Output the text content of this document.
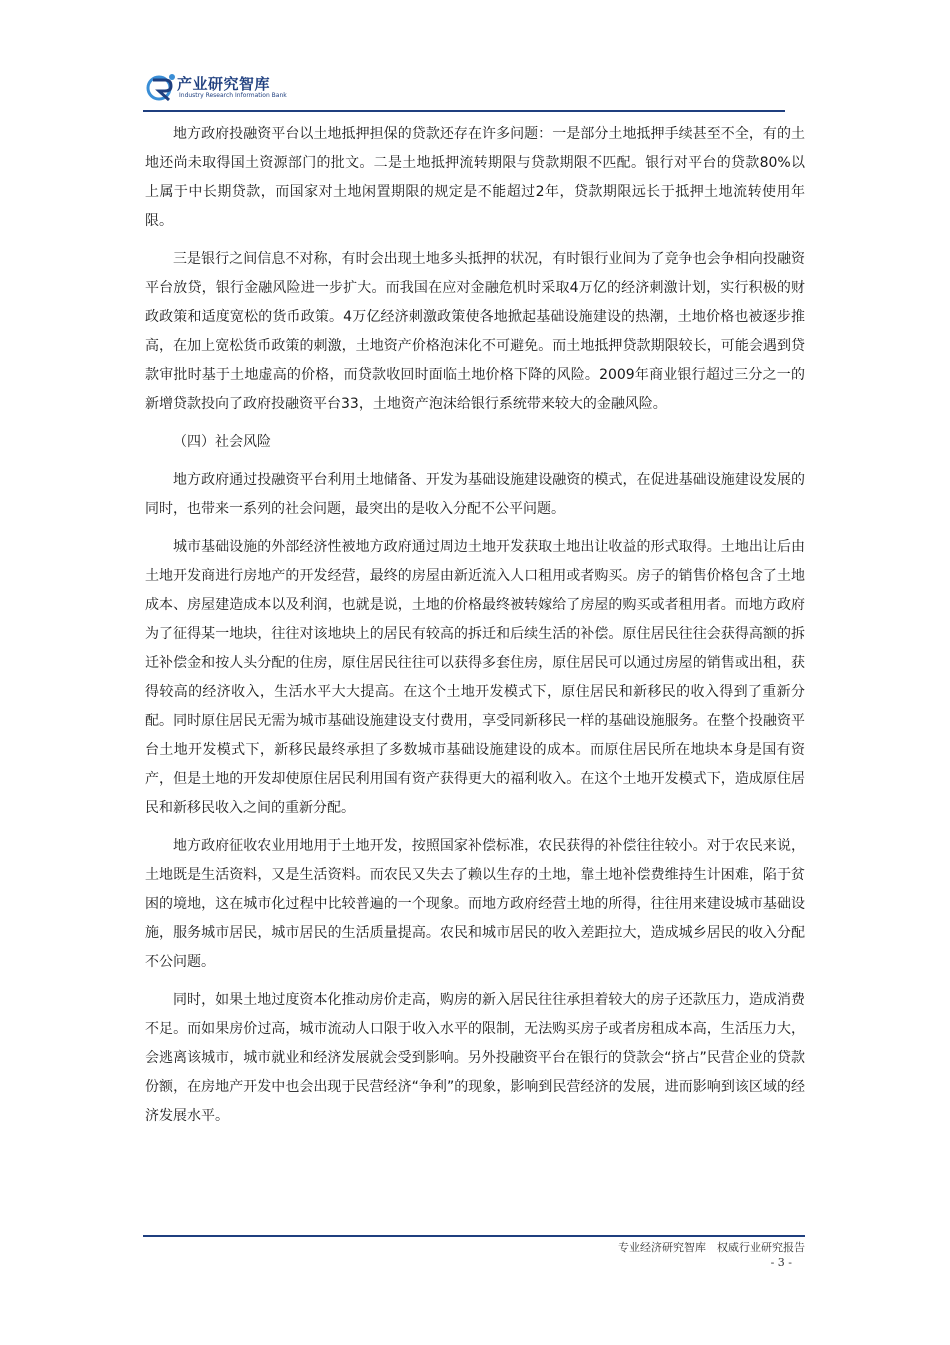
产业研究智库
Industry Research Information Bank

地方政府投融资平台以土地抵押担保的贷款还存在许多问题：一是部分土地抵押手续甚至不全，有的土地还尚未取得国土资源部门的批文。二是土地抵押流转期限与贷款期限不匹配。银行对平台的贷款80%以上属于中长期贷款，而国家对土地闲置期限的规定是不能超过2年，贷款期限远长于抵押土地流转使用年限。

三是银行之间信息不对称，有时会出现土地多头抵押的状况，有时银行业间为了竞争也会争相向投融资平台放贷，银行金融风险进一步扩大。而我国在应对金融危机时采取4万亿的经济刺激计划，实行积极的财政政策和适度宽松的货币政策。4万亿经济刺激政策使各地掀起基础设施建设的热潮，土地价格也被逐步推高，在加上宽松货币政策的刺激，土地资产价格泡沫化不可避免。而土地抵押贷款期限较长，可能会遇到贷款审批时基于土地虚高的价格，而贷款收回时面临土地价格下降的风险。2009年商业银行超过三分之一的新增贷款投向了政府投融资平台33，土地资产泡沫给银行系统带来较大的金融风险。

（四）社会风险

地方政府通过投融资平台利用土地储备、开发为基础设施建设融资的模式，在促进基础设施建设发展的同时，也带来一系列的社会问题，最突出的是收入分配不公平问题。

城市基础设施的外部经济性被地方政府通过周边土地开发获取土地出让收益的形式取得。土地出让后由土地开发商进行房地产的开发经营，最终的房屋由新近流入人口租用或者购买。房子的销售价格包含了土地成本、房屋建造成本以及利润，也就是说，土地的价格最终被转嫁给了房屋的购买或者租用者。而地方政府为了征得某一地块，往往对该地块上的居民有较高的拆迁和后续生活的补偿。原住居民往往会获得高额的拆迁补偿金和按人头分配的住房，原住居民往往可以获得多套住房，原住居民可以通过房屋的销售或出租，获得较高的经济收入，生活水平大大提高。在这个土地开发模式下，原住居民和新移民的收入得到了重新分配。同时原住居民无需为城市基础设施建设支付费用，享受同新移民一样的基础设施服务。在整个投融资平台土地开发模式下，新移民最终承担了多数城市基础设施建设的成本。而原住居民所在地块本身是国有资产，但是土地的开发却使原住居民利用国有资产获得更大的福利收入。在这个土地开发模式下，造成原住居民和新移民收入之间的重新分配。

地方政府征收农业用地用于土地开发，按照国家补偿标准，农民获得的补偿往往较小。对于农民来说，土地既是生活资料，又是生活资料。而农民又失去了赖以生存的土地，靠土地补偿费维持生计困难，陷于贫困的境地，这在城市化过程中比较普遍的一个现象。而地方政府经营土地的所得，往往用来建设城市基础设施，服务城市居民，城市居民的生活质量提高。农民和城市居民的收入差距拉大，造成城乡居民的收入分配不公问题。

同时，如果土地过度资本化推动房价走高，购房的新入居民往往承担着较大的房子还款压力，造成消费不足。而如果房价过高，城市流动人口限于收入水平的限制，无法购买房子或者房租成本高，生活压力大，会逃离该城市，城市就业和经济发展就会受到影响。另外投融资平台在银行的贷款会“挤占”民营企业的贷款份额，在房地产开发中也会出现于民营经济“争利”的现象，影响到民营经济的发展，进而影响到该区域的经济发展水平。

专业经济研究智库　权威行业研究报告
- 3 -
